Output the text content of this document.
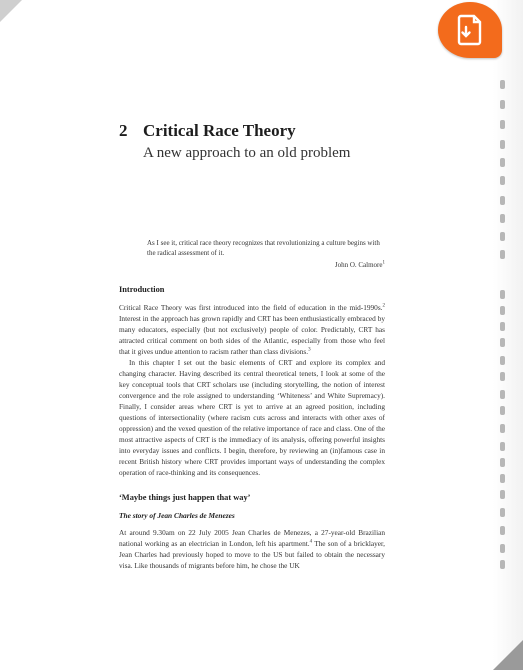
2 Critical Race Theory
A new approach to an old problem
As I see it, critical race theory recognizes that revolutionizing a culture begins with the radical assessment of it.
John O. Calmore$^1$
Introduction

Critical Race Theory was first introduced into the field of education in the mid-1990s.$^2$ Interest in the approach has grown rapidly and CRT has been enthusiastically embraced by many educators, especially (but not exclusively) people of color. Predictably, CRT has attracted critical comment on both sides of the Atlantic, especially from those who feel that it gives undue attention to racism rather than class divisions.$^3$

In this chapter I set out the basic elements of CRT and explore its complex and changing character. Having described its central theoretical tenets, I look at some of the key conceptual tools that CRT scholars use (including storytelling, the notion of interest convergence and the role assigned to understanding ‘Whiteness’ and White Supremacy). Finally, I consider areas where CRT is yet to arrive at an agreed position, including questions of intersectionality (where racism cuts across and interacts with other axes of oppression) and the vexed question of the relative importance of race and class. One of the most attractive aspects of CRT is the immediacy of its analysis, offering powerful insights into everyday issues and conflicts. I begin, therefore, by reviewing an (in)famous case in recent British history where CRT provides important ways of understanding the complex operation of race-thinking and its consequences.

‘Maybe things just happen that way’
The story of Jean Charles de Menezes

At around 9.30am on 22 July 2005 Jean Charles de Menezes, a 27-year-old Brazilian national working as an electrician in London, left his apartment.$^4$ The son of a bricklayer, Jean Charles had previously hoped to move to the US but failed to obtain the necessary visa. Like thousands of migrants before him, he chose the UK
